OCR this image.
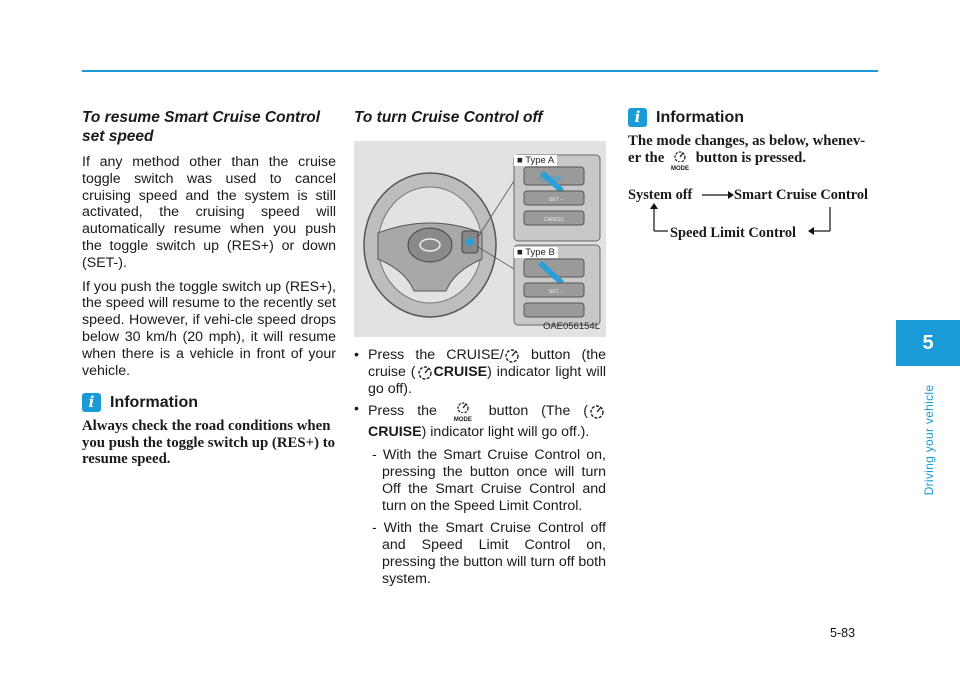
To resume Smart Cruise Control set speed

If any method other than the cruise toggle switch was used to cancel cruising speed and the system is still activated, the cruising speed will automatically resume when you push the toggle switch up (RES+) or down (SET-).

If you push the toggle switch up (RES+), the speed will resume to the recently set speed. However, if vehi-cle speed drops below 30 km/h (20 mph), it will resume when there is a vehicle in front of your vehicle.

i Information

Always check the road conditions when you push the toggle switch up (RES+) to resume speed.

To turn Cruise Control off
CRUISE
SET –
CANCEL
SET –
■ Type A
■ Type B
OAE056154L
• Press the CRUISE/ button (the cruise ( CRUISE) indicator light will go off).
• Press the
MODE button (The (CRUISE) indicator light will go off.).

- With the Smart Cruise Control on, pressing the button once will turn Off the Smart Cruise Control and turn on the Speed Limit Control.

- With the Smart Cruise Control off and Speed Limit Control on, pressing the button will turn off both system.

i Information

The mode changes, as below, whenev-er the
MODE button is pressed.

System off	Smart Cruise Control
Speed Limit Control
5
Driving your vehicle
5-83
